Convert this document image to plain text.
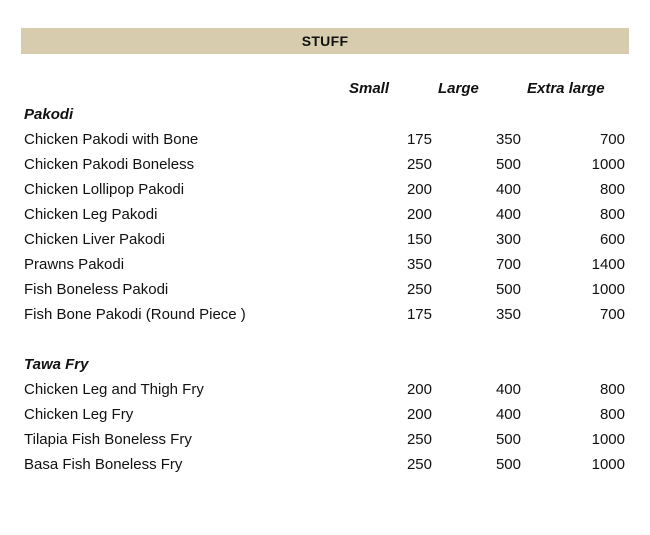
STUFF
Small	Large	Extra large
Pakodi
Chicken Pakodi with Bone	175	350	700
Chicken Pakodi Boneless	250	500	1000
Chicken Lollipop Pakodi	200	400	800
Chicken Leg Pakodi	200	400	800
Chicken Liver Pakodi	150	300	600
Prawns Pakodi	350	700	1400
Fish Boneless Pakodi	250	500	1000
Fish Bone Pakodi (Round Piece )	175	350	700
Tawa Fry
Chicken Leg and Thigh Fry	200	400	800
Chicken Leg Fry	200	400	800
Tilapia Fish Boneless Fry	250	500	1000
Basa Fish Boneless Fry	250	500	1000
